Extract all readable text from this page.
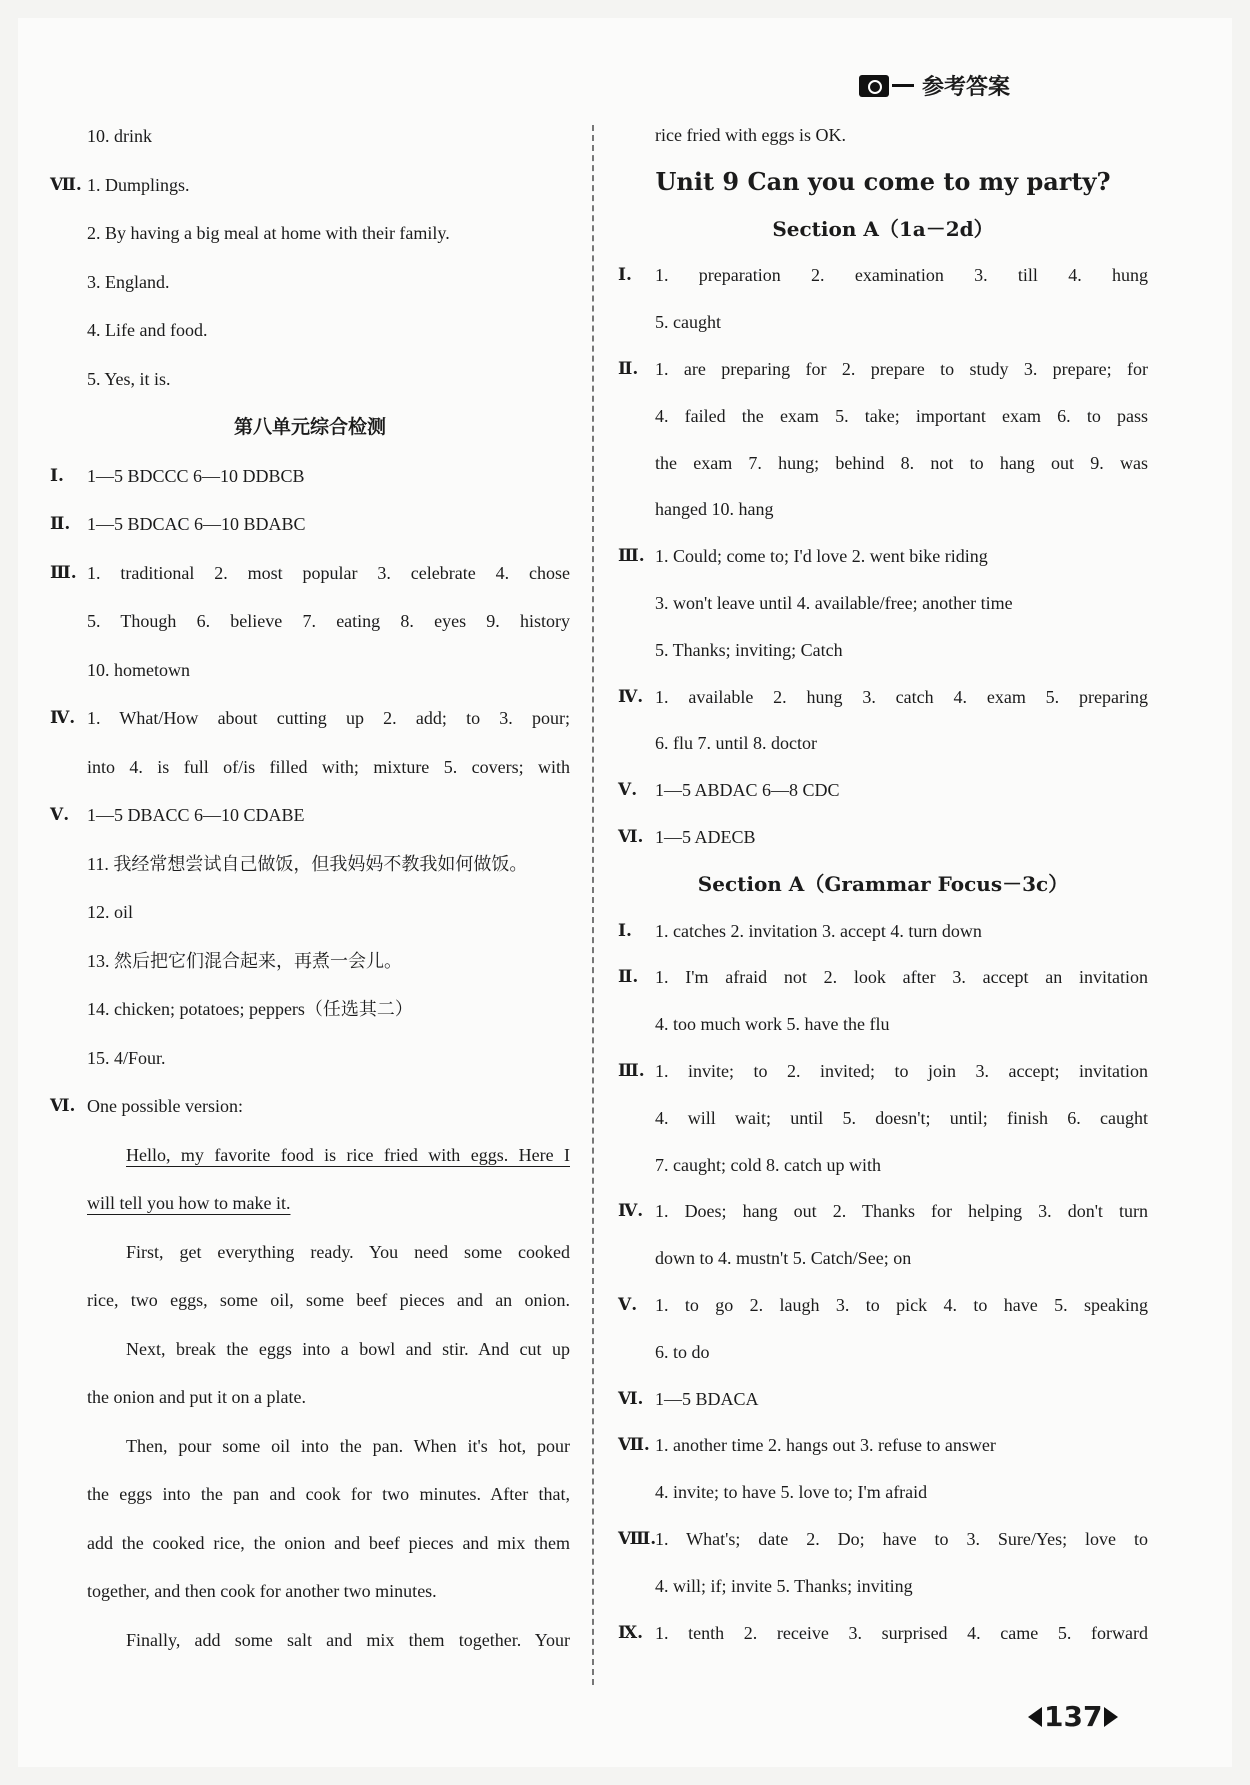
参考答案
10. drink
Ⅶ. 1. Dumplings.
2. By having a big meal at home with their family.
3. England.
4. Life and food.
5. Yes, it is.
第八单元综合检测
Ⅰ.	1—5 BDCCC 6—10 DDBCB
Ⅱ. 1—5 BDCAC 6—10 BDABC
Ⅲ. 1. traditional 2. most popular 3. celebrate 4. chose
5. Though 6. believe 7. eating 8. eyes 9. history
10. hometown
Ⅳ. 1. What/How about cutting up 2. add; to 3. pour;
into 4. is full of/is filled with; mixture 5. covers; with
Ⅴ. 1—5 DBACC 6—10 CDABE
11. 我经常想尝试自己做饭，但我妈妈不教我如何做饭。
12. oil
13. 然后把它们混合起来，再煮一会儿。
14. chicken; potatoes; peppers（任选其二）
15. 4/Four.
Ⅵ. One possible version:
Hello, my favorite food is rice fried with eggs. Here I
will tell you how to make it.
First, get everything ready. You need some cooked
rice, two eggs, some oil, some beef pieces and an onion.
Next, break the eggs into a bowl and stir. And cut up
the onion and put it on a plate.
Then, pour some oil into the pan. When it's hot, pour
the eggs into the pan and cook for two minutes. After that,
add the cooked rice, the onion and beef pieces and mix them
together, and then cook for another two minutes.
Finally, add some salt and mix them together. Your
rice fried with eggs is OK.
Unit 9 Can you come to my party?
Section A（1a－2d）
Ⅰ.	1. preparation 2. examination 3. till 4. hung
5. caught
Ⅱ. 1. are preparing for 2. prepare to study 3. prepare; for
4. failed the exam 5. take; important exam 6. to pass
the exam 7. hung; behind 8. not to hang out 9. was
hanged 10. hang
Ⅲ. 1. Could; come to; I'd love 2. went bike riding
3. won't leave until 4. available/free; another time
5. Thanks; inviting; Catch
Ⅳ. 1. available 2. hung 3. catch 4. exam 5. preparing
6. flu 7. until 8. doctor
Ⅴ. 1—5 ABDAC 6—8 CDC
Ⅵ. 1—5 ADECB
Section A（Grammar Focus－3c）
Ⅰ.	1. catches 2. invitation 3. accept 4. turn down
Ⅱ. 1. I'm afraid not 2. look after 3. accept an invitation
4. too much work 5. have the flu
Ⅲ. 1. invite; to 2. invited; to join 3. accept; invitation
4. will wait; until 5. doesn't; until; finish 6. caught
7. caught; cold 8. catch up with
Ⅳ. 1. Does; hang out 2. Thanks for helping 3. don't turn
down to 4. mustn't 5. Catch/See; on
Ⅴ. 1. to go 2. laugh 3. to pick 4. to have 5. speaking
6. to do
Ⅵ. 1—5 BDACA
Ⅶ. 1. another time 2. hangs out 3. refuse to answer
4. invite; to have 5. love to; I'm afraid
Ⅷ.
1. What's; date 2. Do; have to 3. Sure/Yes; love to
4. will; if; invite 5. Thanks; inviting
Ⅸ. 1. tenth 2. receive 3. surprised 4. came 5. forward
137
